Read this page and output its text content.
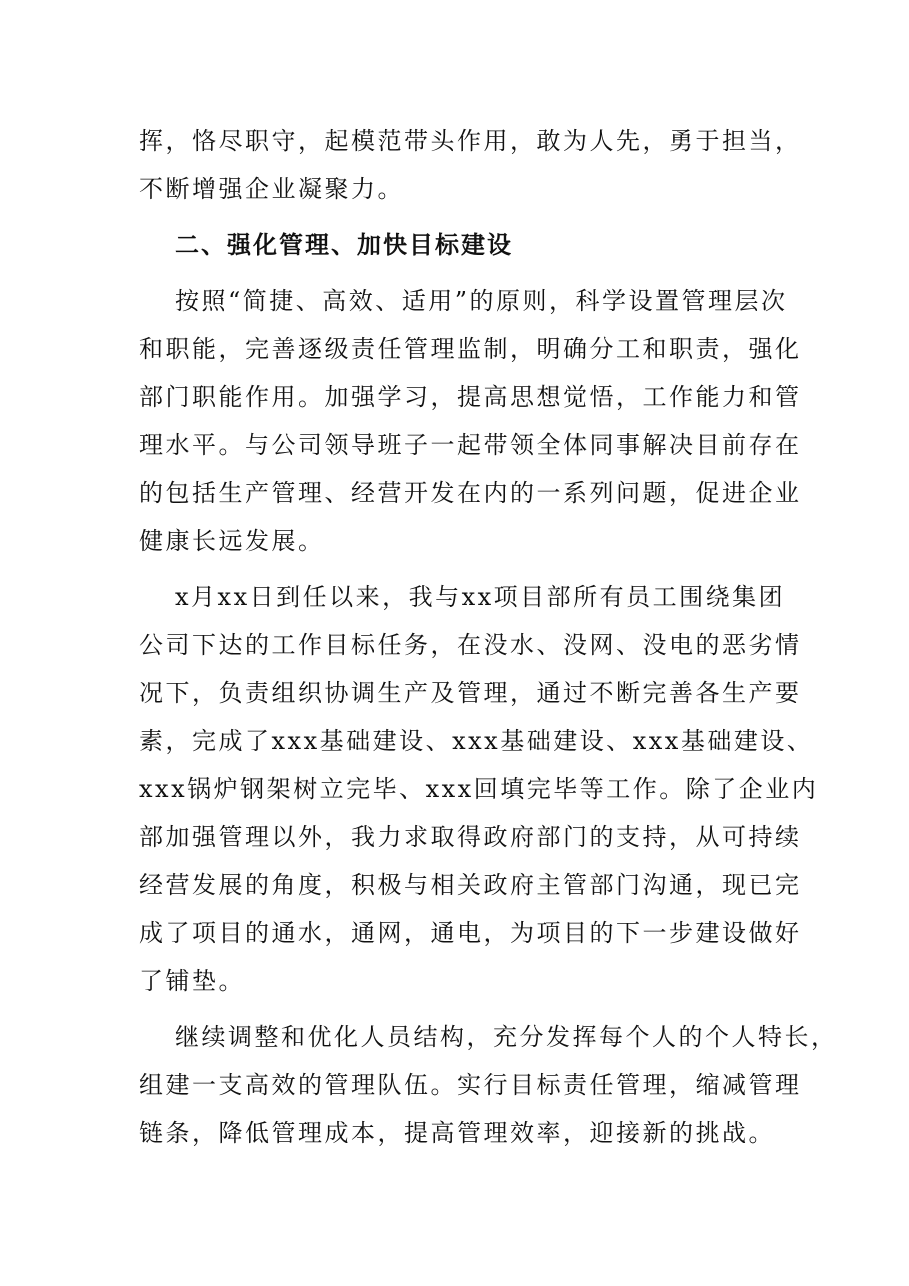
挥，恪尽职守，起模范带头作用，敢为人先，勇于担当，
不断增强企业凝聚力。
二、强化管理、加快目标建设
按照“简捷、高效、适用”的原则，科学设置管理层次
和职能，完善逐级责任管理监制，明确分工和职责，强化
部门职能作用。加强学习，提高思想觉悟，工作能力和管
理水平。与公司领导班子一起带领全体同事解决目前存在
的包括生产管理、经营开发在内的一系列问题，促进企业
健康长远发展。
x月xx日到任以来，我与xx项目部所有员工围绕集团
公司下达的工作目标任务，在没水、没网、没电的恶劣情
况下，负责组织协调生产及管理，通过不断完善各生产要
素，完成了xxx基础建设、xxx基础建设、xxx基础建设、
xxx锅炉钢架树立完毕、xxx回填完毕等工作。除了企业内
部加强管理以外，我力求取得政府部门的支持，从可持续
经营发展的角度，积极与相关政府主管部门沟通，现已完
成了项目的通水，通网，通电，为项目的下一步建设做好
了铺垫。
继续调整和优化人员结构，充分发挥每个人的个人特长，
组建一支高效的管理队伍。实行目标责任管理，缩减管理
链条，降低管理成本，提高管理效率，迎接新的挑战。
